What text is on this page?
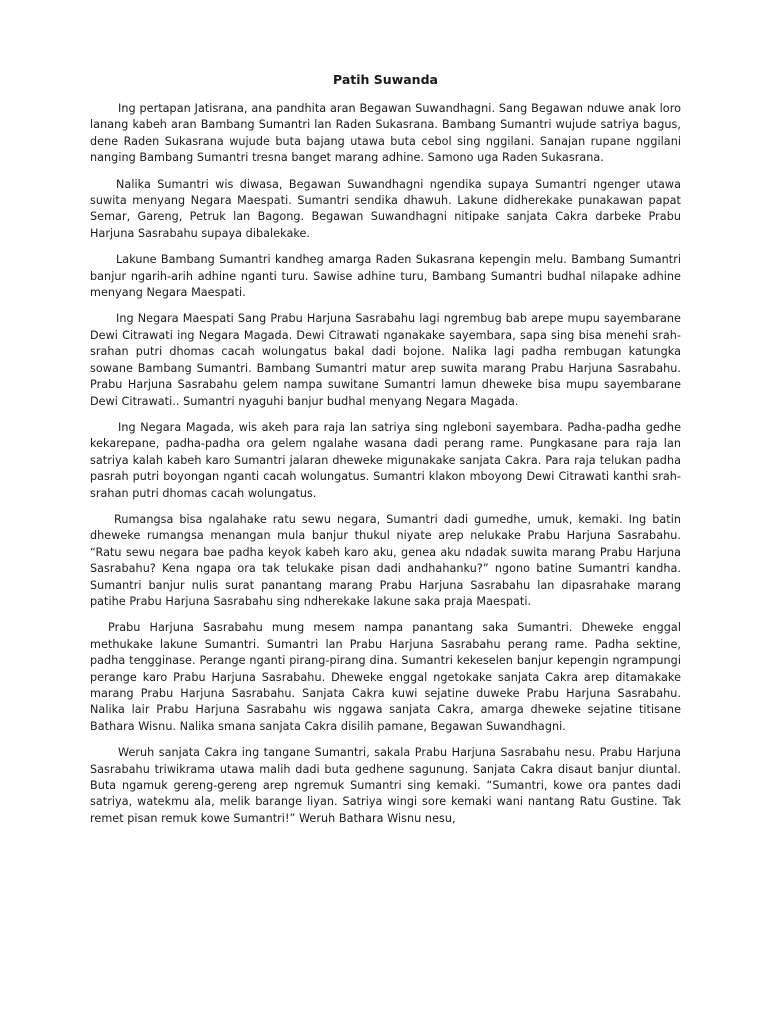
Patih Suwanda

Ing pertapan Jatisrana, ana pandhita aran Begawan Suwandhagni. Sang Begawan nduwe anak loro lanang kabeh aran Bambang Sumantri lan Raden Sukasrana. Bambang Sumantri wujude satriya bagus, dene Raden Sukasrana wujude buta bajang utawa buta cebol sing nggilani. Sanajan rupane nggilani nanging Bambang Sumantri tresna banget marang adhine. Samono uga Raden Sukasrana.

Nalika Sumantri wis diwasa, Begawan Suwandhagni ngendika supaya Sumantri ngenger utawa suwita menyang Negara Maespati. Sumantri sendika dhawuh. Lakune didherekake punakawan papat Semar, Gareng, Petruk lan Bagong. Begawan Suwandhagni nitipake sanjata Cakra darbeke Prabu Harjuna Sasrabahu supaya dibalekake.

Lakune Bambang Sumantri kandheg amarga Raden Sukasrana kepengin melu. Bambang Sumantri banjur ngarih-arih adhine nganti turu. Sawise adhine turu, Bambang Sumantri budhal nilapake adhine menyang Negara Maespati.

Ing Negara Maespati Sang Prabu Harjuna Sasrabahu lagi ngrembug bab arepe mupu sayembarane Dewi Citrawati ing Negara Magada. Dewi Citrawati nganakake sayembara, sapa sing bisa menehi srah-srahan putri dhomas cacah wolungatus bakal dadi bojone. Nalika lagi padha rembugan katungka sowane Bambang Sumantri. Bambang Sumantri matur arep suwita marang Prabu Harjuna Sasrabahu. Prabu Harjuna Sasrabahu gelem nampa suwitane Sumantri lamun dheweke bisa mupu sayembarane Dewi Citrawati.. Sumantri nyaguhi banjur budhal menyang Negara Magada.

Ing Negara Magada, wis akeh para raja lan satriya sing ngleboni sayembara. Padha-padha gedhe kekarepane, padha-padha ora gelem ngalahe wasana dadi perang rame. Pungkasane para raja lan satriya kalah kabeh karo Sumantri jalaran dheweke migunakake sanjata Cakra. Para raja telukan padha pasrah putri boyongan nganti cacah wolungatus. Sumantri klakon mboyong Dewi Citrawati kanthi srah-srahan putri dhomas cacah wolungatus.

Rumangsa bisa ngalahake ratu sewu negara, Sumantri dadi gumedhe, umuk, kemaki. Ing batin dheweke rumangsa menangan mula banjur thukul niyate arep nelukake Prabu Harjuna Sasrabahu. “Ratu sewu negara bae padha keyok kabeh karo aku, genea aku ndadak suwita marang Prabu Harjuna Sasrabahu? Kena ngapa ora tak telukake pisan dadi andhahanku?” ngono batine Sumantri kandha. Sumantri banjur nulis surat panantang marang Prabu Harjuna Sasrabahu lan dipasrahake marang patihe Prabu Harjuna Sasrabahu sing ndherekake lakune saka praja Maespati.

Prabu Harjuna Sasrabahu mung mesem nampa panantang saka Sumantri. Dheweke enggal methukake lakune Sumantri. Sumantri lan Prabu Harjuna Sasrabahu perang rame. Padha sektine, padha tengginase. Perange nganti pirang-pirang dina. Sumantri kekeselen banjur kepengin ngrampungi perange karo Prabu Harjuna Sasrabahu. Dheweke enggal ngetokake sanjata Cakra arep ditamakake marang Prabu Harjuna Sasrabahu. Sanjata Cakra kuwi sejatine duweke Prabu Harjuna Sasrabahu. Nalika lair Prabu Harjuna Sasrabahu wis nggawa sanjata Cakra, amarga dheweke sejatine titisane Bathara Wisnu. Nalika smana sanjata Cakra disilih pamane, Begawan Suwandhagni.

Weruh sanjata Cakra ing tangane Sumantri, sakala Prabu Harjuna Sasrabahu nesu. Prabu Harjuna Sasrabahu triwikrama utawa malih dadi buta gedhene sagunung. Sanjata Cakra disaut banjur diuntal. Buta ngamuk gereng-gereng arep ngremuk Sumantri sing kemaki. “Sumantri, kowe ora pantes dadi satriya, watekmu ala, melik barange liyan. Satriya wingi sore kemaki wani nantang Ratu Gustine. Tak remet pisan remuk kowe Sumantri!” Weruh Bathara Wisnu nesu,
